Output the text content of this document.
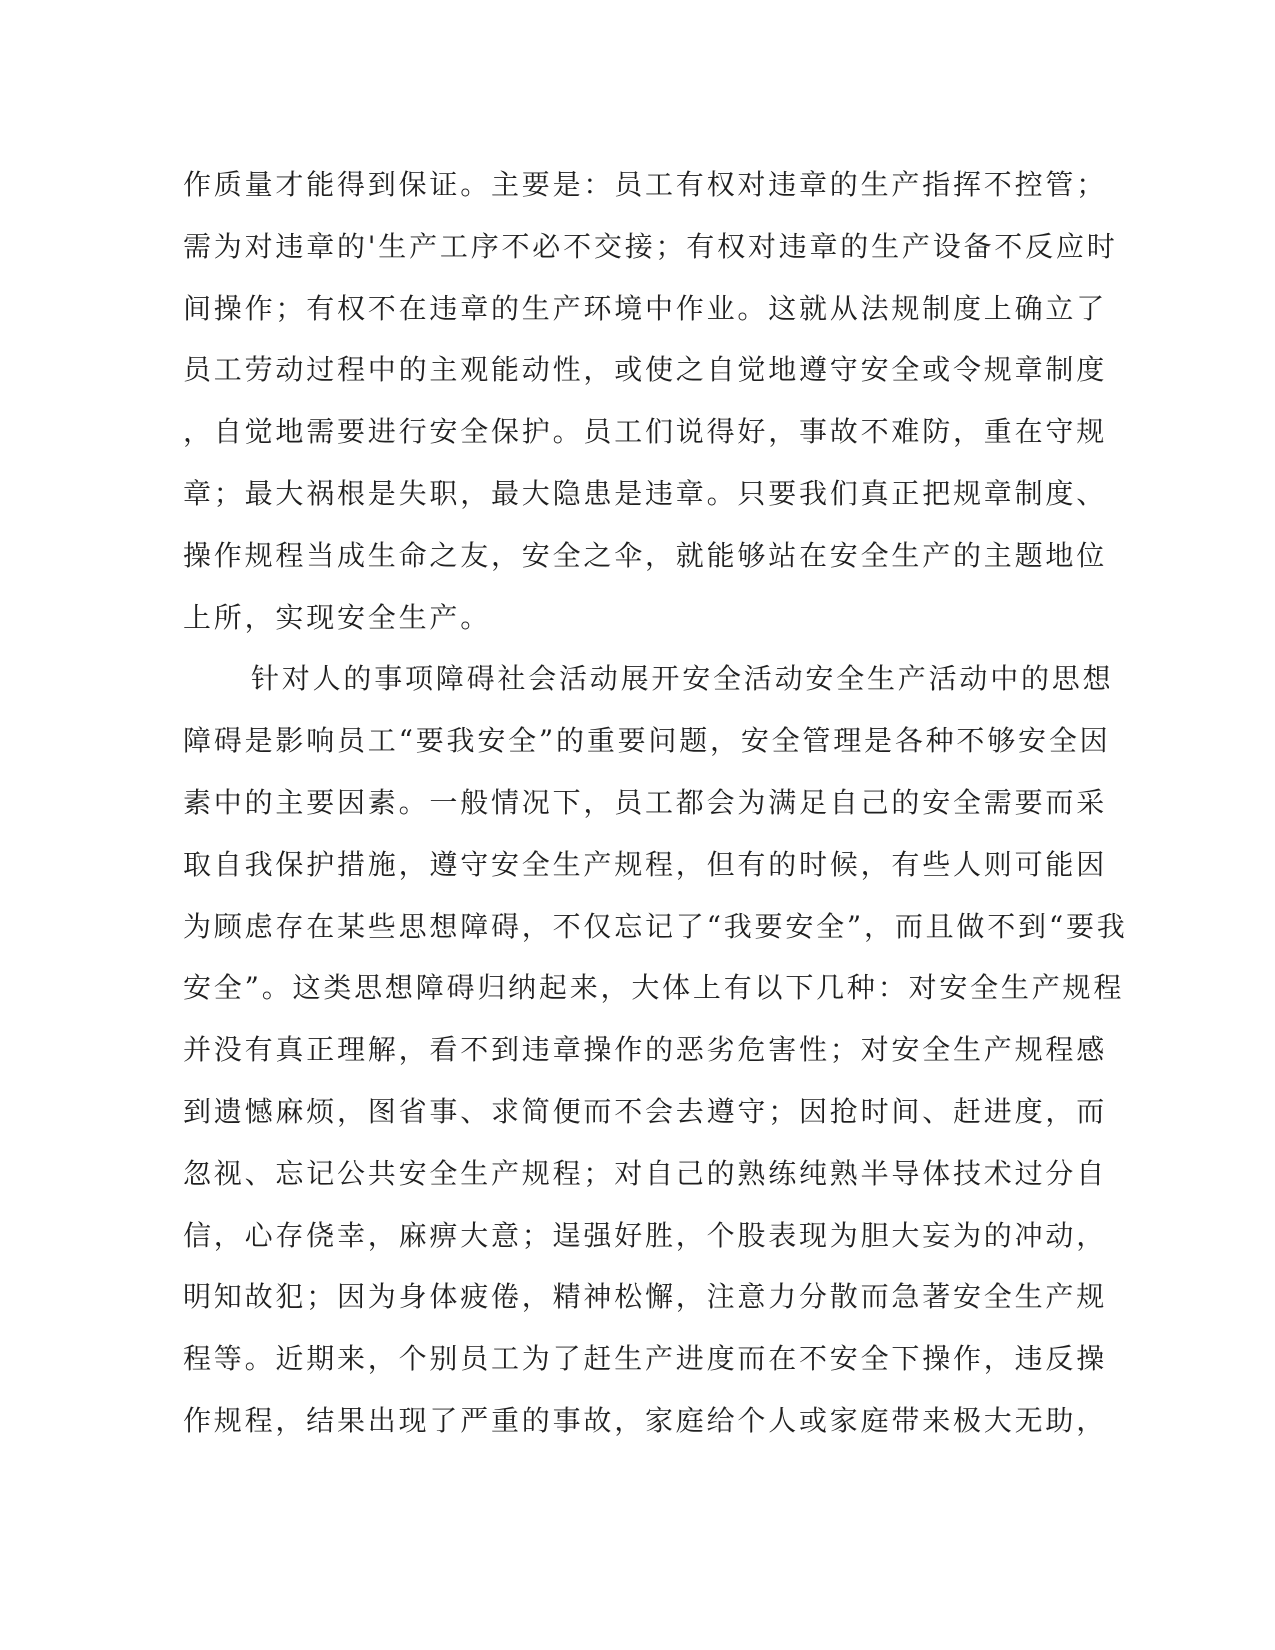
作质量才能得到保证。主要是：员工有权对违章的生产指挥不控管；
需为对违章的'生产工序不必不交接；有权对违章的生产设备不反应时
间操作；有权不在违章的生产环境中作业。这就从法规制度上确立了
员工劳动过程中的主观能动性，或使之自觉地遵守安全或令规章制度
，自觉地需要进行安全保护。员工们说得好，事故不难防，重在守规
章；最大祸根是失职，最大隐患是违章。只要我们真正把规章制度、
操作规程当成生命之友，安全之伞，就能够站在安全生产的主题地位
上所，实现安全生产。
针对人的事项障碍社会活动展开安全活动安全生产活动中的思想
障碍是影响员工“要我安全”的重要问题，安全管理是各种不够安全因
素中的主要因素。一般情况下，员工都会为满足自己的安全需要而采
取自我保护措施，遵守安全生产规程，但有的时候，有些人则可能因
为顾虑存在某些思想障碍，不仅忘记了“我要安全”，而且做不到“要我
安全”。这类思想障碍归纳起来，大体上有以下几种：对安全生产规程
并没有真正理解，看不到违章操作的恶劣危害性；对安全生产规程感
到遗憾麻烦，图省事、求简便而不会去遵守；因抢时间、赶进度，而
忽视、忘记公共安全生产规程；对自己的熟练纯熟半导体技术过分自
信，心存侥幸，麻痹大意；逞强好胜，个股表现为胆大妄为的冲动，
明知故犯；因为身体疲倦，精神松懈，注意力分散而急著安全生产规
程等。近期来，个别员工为了赶生产进度而在不安全下操作，违反操
作规程，结果出现了严重的事故，家庭给个人或家庭带来极大无助，
